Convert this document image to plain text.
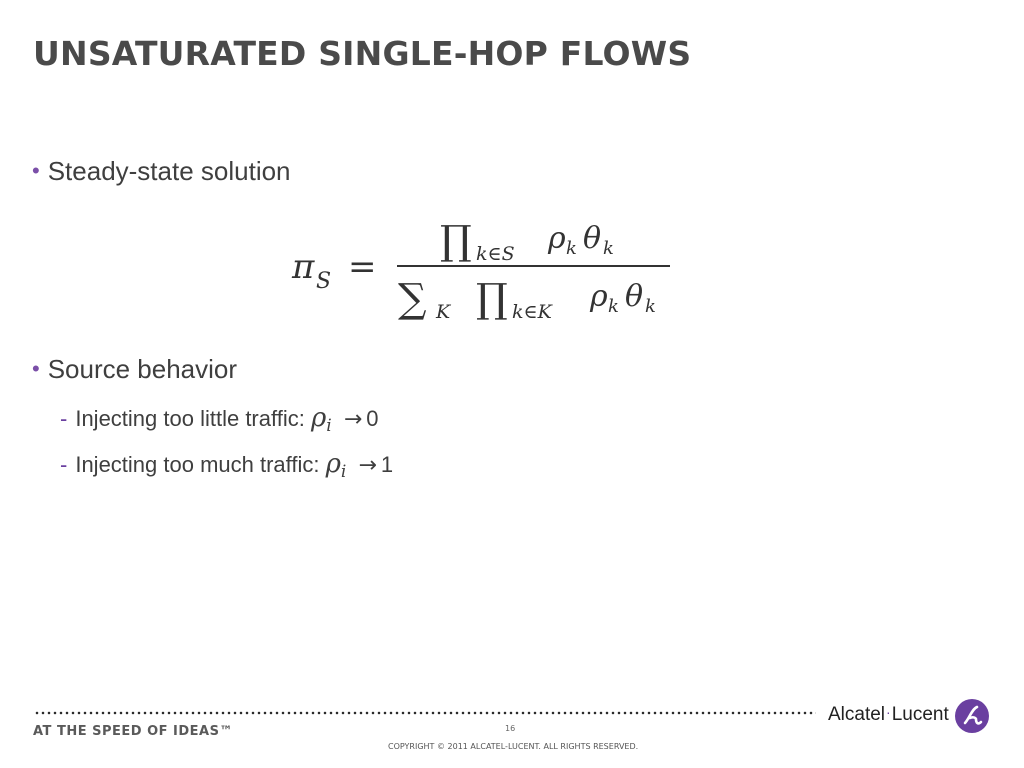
UNSATURATED SINGLE-HOP FLOWS
• Steady-state solution
π S =
∏ k∈S ρ k θ k
∑ K ∏ k∈K ρ k θ k
• Source behavior
- Injecting too little traffic: $\rho_i \to 0$
- Injecting too much traffic: $\rho_i \to 1$
AT THE SPEED OF IDEAS™	16
COPYRIGHT © 2011 ALCATEL-LUCENT. ALL RIGHTS RESERVED.
Alcatel·Lucent	a
